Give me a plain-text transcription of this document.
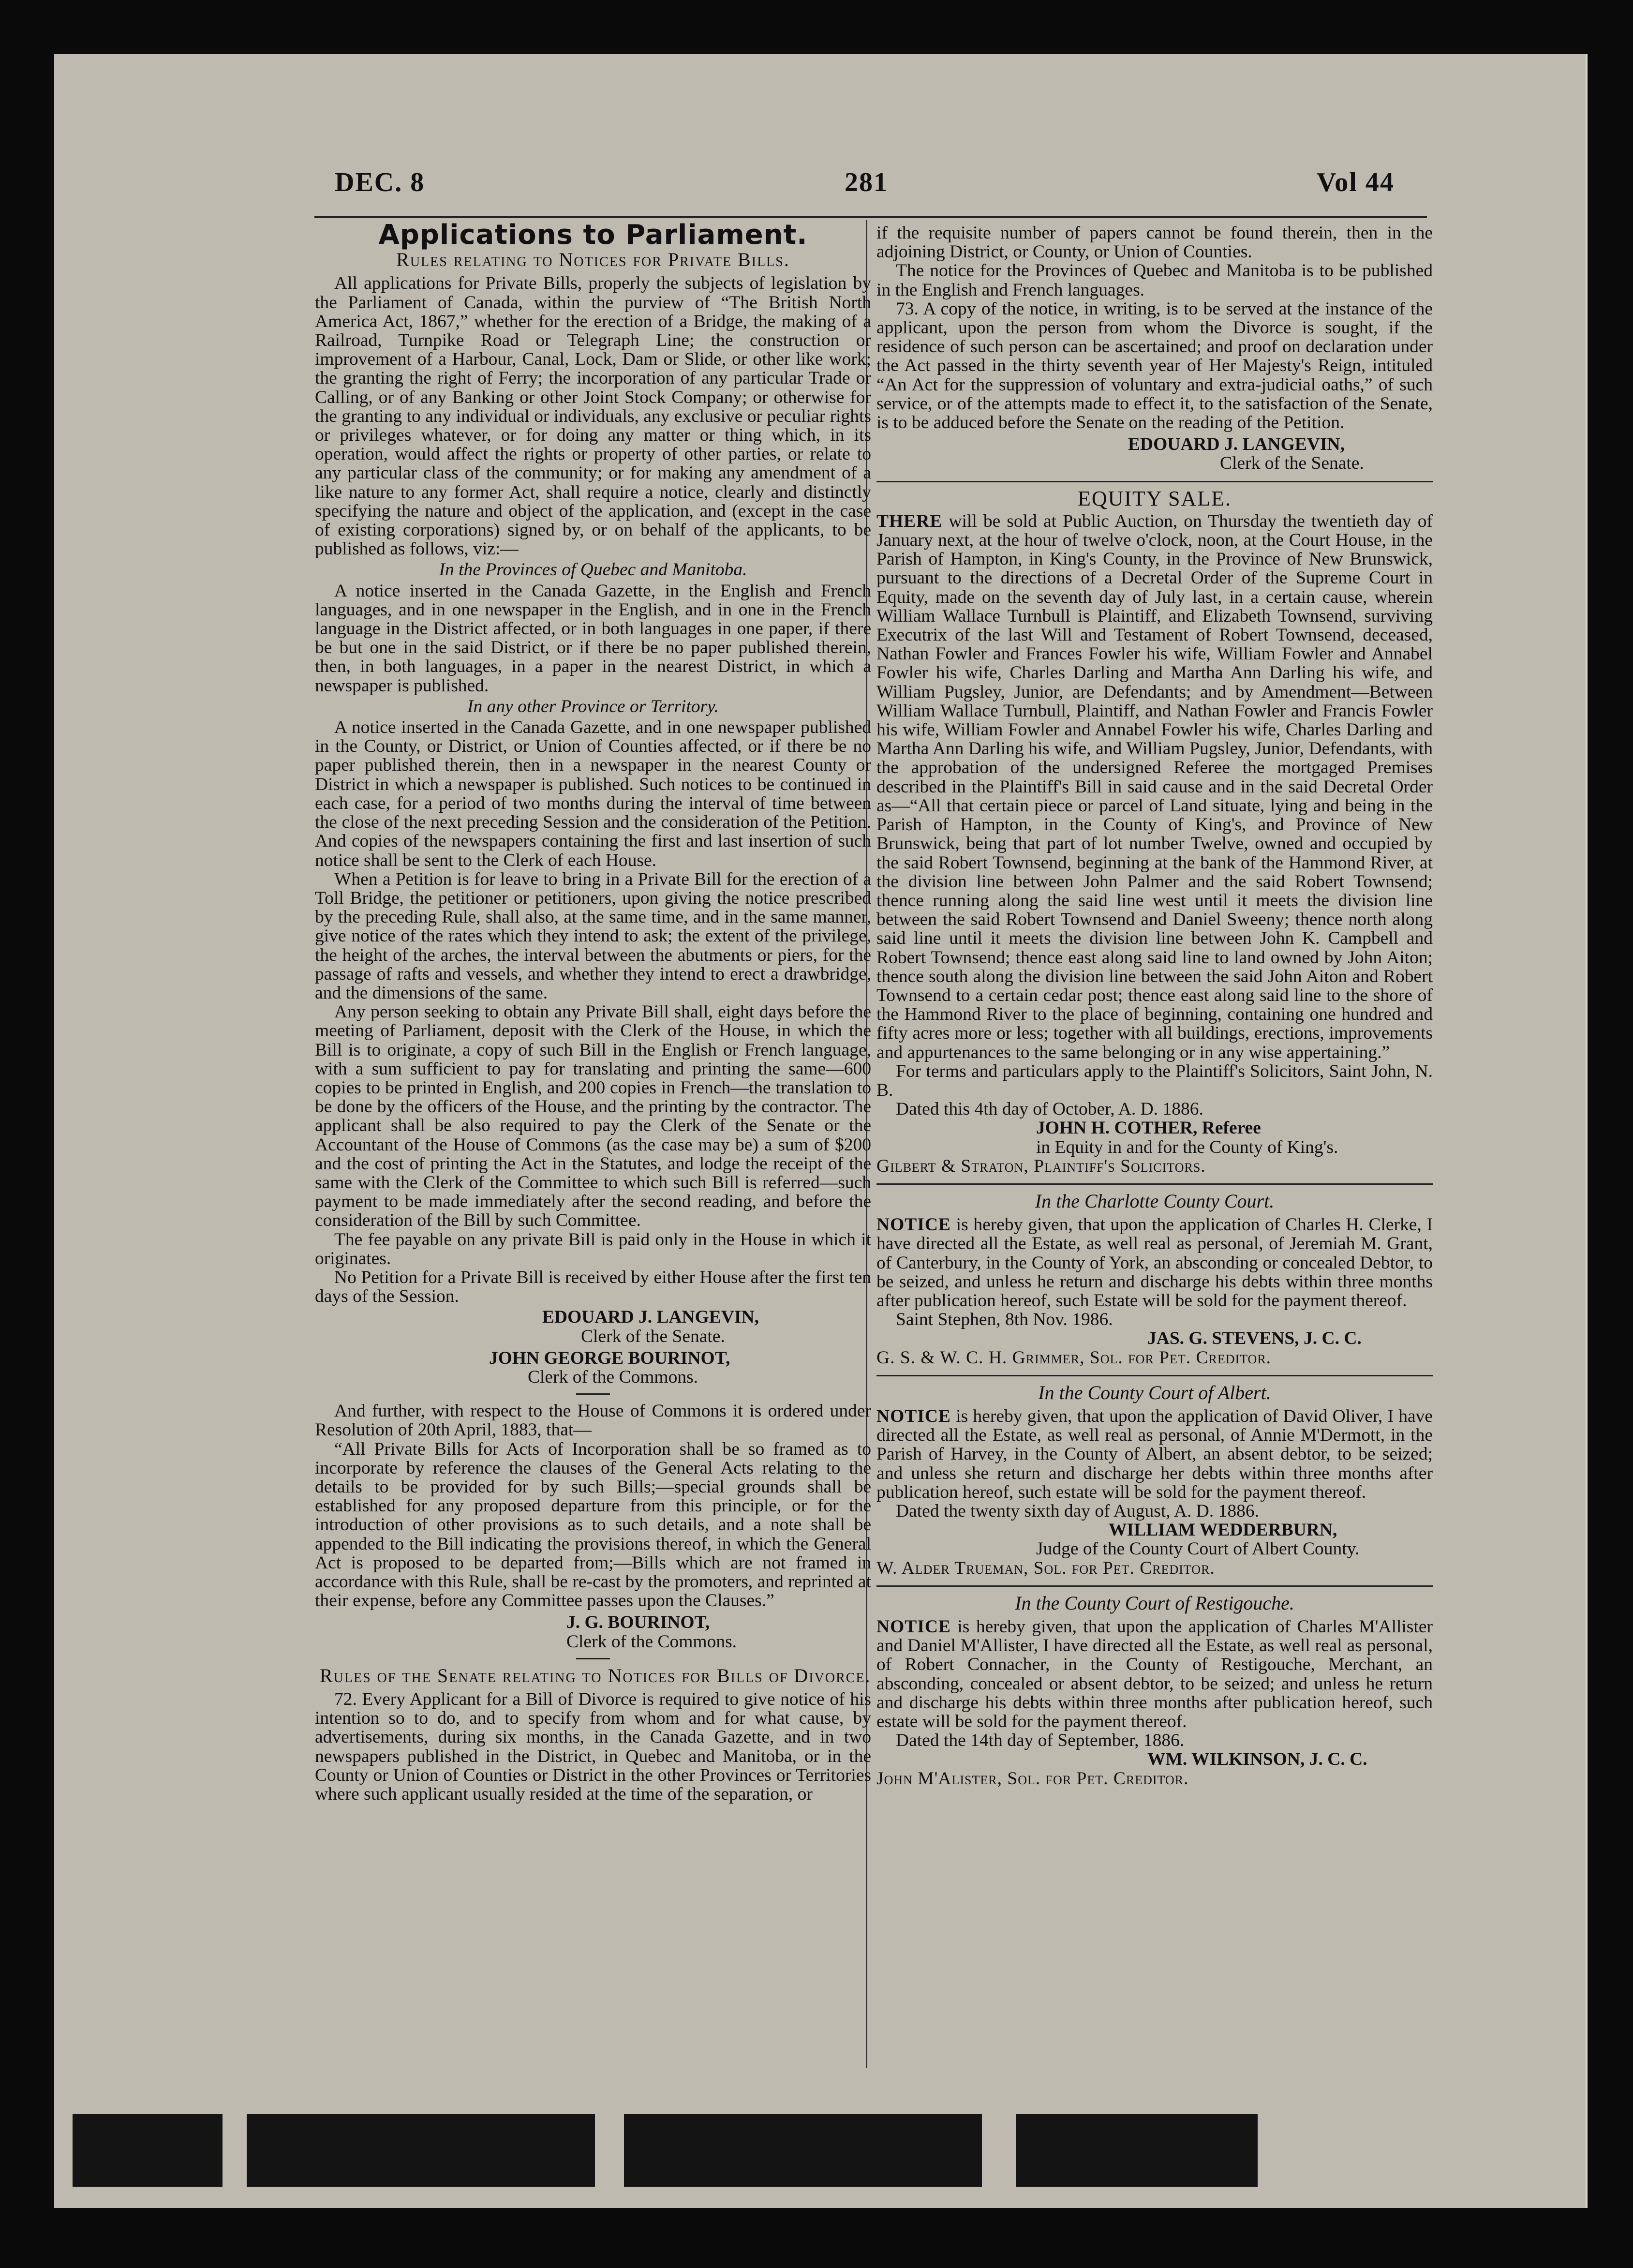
DEC. 8	281	Vol 44
Applications to Parliament.
Rules relating to Notices for Private Bills.

All applications for Private Bills, properly the subjects of legislation by the Parliament of Canada, within the purview of “The British North America Act, 1867,” whether for the erection of a Bridge, the making of a Railroad, Turnpike Road or Telegraph Line; the construction or improvement of a Harbour, Canal, Lock, Dam or Slide, or other like work; the granting the right of Ferry; the incorporation of any particular Trade or Calling, or of any Banking or other Joint Stock Company; or otherwise for the granting to any individual or individuals, any exclusive or peculiar rights or privileges whatever, or for doing any matter or thing which, in its operation, would affect the rights or property of other parties, or relate to any particular class of the community; or for making any amendment of a like nature to any former Act, shall require a notice, clearly and distinctly specifying the nature and object of the application, and (except in the case of existing corporations) signed by, or on behalf of the applicants, to be published as follows, viz:—

In the Provinces of Quebec and Manitoba.

A notice inserted in the Canada Gazette, in the English and French languages, and in one newspaper in the English, and in one in the French language in the District affected, or in both languages in one paper, if there be but one in the said District, or if there be no paper published therein, then, in both languages, in a paper in the nearest District, in which a newspaper is published.

In any other Province or Territory.

A notice inserted in the Canada Gazette, and in one newspaper published in the County, or District, or Union of Counties affected, or if there be no paper published therein, then in a newspaper in the nearest County or District in which a newspaper is published. Such notices to be continued in each case, for a period of two months during the interval of time between the close of the next preceding Session and the consideration of the Petition. And copies of the newspapers containing the first and last insertion of such notice shall be sent to the Clerk of each House.

When a Petition is for leave to bring in a Private Bill for the erection of a Toll Bridge, the petitioner or petitioners, upon giving the notice prescribed by the preceding Rule, shall also, at the same time, and in the same manner, give notice of the rates which they intend to ask; the extent of the privilege, the height of the arches, the interval between the abutments or piers, for the passage of rafts and vessels, and whether they intend to erect a drawbridge, and the dimensions of the same.

Any person seeking to obtain any Private Bill shall, eight days before the meeting of Parliament, deposit with the Clerk of the House, in which the Bill is to originate, a copy of such Bill in the English or French language, with a sum sufficient to pay for translating and printing the same—600 copies to be printed in English, and 200 copies in French—the translation to be done by the officers of the House, and the printing by the contractor. The applicant shall be also required to pay the Clerk of the Senate or the Accountant of the House of Commons (as the case may be) a sum of $200 and the cost of printing the Act in the Statutes, and lodge the receipt of the same with the Clerk of the Committee to which such Bill is referred—such payment to be made immediately after the second reading, and before the consideration of the Bill by such Committee.

The fee payable on any private Bill is paid only in the House in which it originates.

No Petition for a Private Bill is received by either House after the first ten days of the Session.

EDOUARD J. LANGEVIN,
Clerk of the Senate.
JOHN GEORGE BOURINOT,
Clerk of the Commons.

And further, with respect to the House of Commons it is ordered under Resolution of 20th April, 1883, that—

“All Private Bills for Acts of Incorporation shall be so framed as to incorporate by reference the clauses of the General Acts relating to the details to be provided for by such Bills;—special grounds shall be established for any proposed departure from this principle, or for the introduction of other provisions as to such details, and a note shall be appended to the Bill indicating the provisions thereof, in which the General Act is proposed to be departed from;—Bills which are not framed in accordance with this Rule, shall be re-cast by the promoters, and reprinted at their expense, before any Committee passes upon the Clauses.”

J. G. BOURINOT,
Clerk of the Commons.
Rules of the Senate relating to Notices for Bills of Divorce.

72. Every Applicant for a Bill of Divorce is required to give notice of his intention so to do, and to specify from whom and for what cause, by advertisements, during six months, in the Canada Gazette, and in two newspapers published in the District, in Quebec and Manitoba, or in the County or Union of Counties or District in the other Provinces or Territories where such applicant usually resided at the time of the separation, or

if the requisite number of papers cannot be found therein, then in the adjoining District, or County, or Union of Counties.

The notice for the Provinces of Quebec and Manitoba is to be published in the English and French languages.

73. A copy of the notice, in writing, is to be served at the instance of the applicant, upon the person from whom the Divorce is sought, if the residence of such person can be ascertained; and proof on declaration under the Act passed in the thirty seventh year of Her Majesty's Reign, intituled “An Act for the suppression of voluntary and extra-judicial oaths,” of such service, or of the attempts made to effect it, to the satisfaction of the Senate, is to be adduced before the Senate on the reading of the Petition.

EDOUARD J. LANGEVIN,
Clerk of the Senate.
EQUITY SALE.

THERE will be sold at Public Auction, on Thursday the twentieth day of January next, at the hour of twelve o'clock, noon, at the Court House, in the Parish of Hampton, in King's County, in the Province of New Brunswick, pursuant to the directions of a Decretal Order of the Supreme Court in Equity, made on the seventh day of July last, in a certain cause, wherein William Wallace Turnbull is Plaintiff, and Elizabeth Townsend, surviving Executrix of the last Will and Testament of Robert Townsend, deceased, Nathan Fowler and Frances Fowler his wife, William Fowler and Annabel Fowler his wife, Charles Darling and Martha Ann Darling his wife, and William Pugsley, Junior, are Defendants; and by Amendment—Between William Wallace Turnbull, Plaintiff, and Nathan Fowler and Francis Fowler his wife, William Fowler and Annabel Fowler his wife, Charles Darling and Martha Ann Darling his wife, and William Pugsley, Junior, Defendants, with the approbation of the undersigned Referee the mortgaged Premises described in the Plaintiff's Bill in said cause and in the said Decretal Order as—“All that certain piece or parcel of Land situate, lying and being in the Parish of Hampton, in the County of King's, and Province of New Brunswick, being that part of lot number Twelve, owned and occupied by the said Robert Townsend, beginning at the bank of the Hammond River, at the division line between John Palmer and the said Robert Townsend; thence running along the said line west until it meets the division line between the said Robert Townsend and Daniel Sweeny; thence north along said line until it meets the division line between John K. Campbell and Robert Townsend; thence east along said line to land owned by John Aiton; thence south along the division line between the said John Aiton and Robert Townsend to a certain cedar post; thence east along said line to the shore of the Hammond River to the place of beginning, containing one hundred and fifty acres more or less; together with all buildings, erections, improvements and appurtenances to the same belonging or in any wise appertaining.”

For terms and particulars apply to the Plaintiff's Solicitors, Saint John, N. B.

Dated this 4th day of October, A. D. 1886.

JOHN H. COTHER, Referee
in Equity in and for the County of King's.

Gilbert & Straton, Plaintiff's Solicitors.

In the Charlotte County Court.

NOTICE is hereby given, that upon the application of Charles H. Clerke, I have directed all the Estate, as well real as personal, of Jeremiah M. Grant, of Canterbury, in the County of York, an absconding or concealed Debtor, to be seized, and unless he return and discharge his debts within three months after publication hereof, such Estate will be sold for the payment thereof.

Saint Stephen, 8th Nov. 1986.

JAS. G. STEVENS, J. C. C.

G. S. & W. C. H. Grimmer, Sol. for Pet. Creditor.

In the County Court of Albert.

NOTICE is hereby given, that upon the application of David Oliver, I have directed all the Estate, as well real as personal, of Annie M'Dermott, in the Parish of Harvey, in the County of Albert, an absent debtor, to be seized; and unless she return and discharge her debts within three months after publication hereof, such estate will be sold for the payment thereof.

Dated the twenty sixth day of August, A. D. 1886.

WILLIAM WEDDERBURN,
Judge of the County Court of Albert County.

W. Alder Trueman, Sol. for Pet. Creditor.

In the County Court of Restigouche.

NOTICE is hereby given, that upon the application of Charles M'Allister and Daniel M'Allister, I have directed all the Estate, as well real as personal, of Robert Connacher, in the County of Restigouche, Merchant, an absconding, concealed or absent debtor, to be seized; and unless he return and discharge his debts within three months after publication hereof, such estate will be sold for the payment thereof.

Dated the 14th day of September, 1886.

WM. WILKINSON, J. C. C.

John M'Alister, Sol. for Pet. Creditor.
